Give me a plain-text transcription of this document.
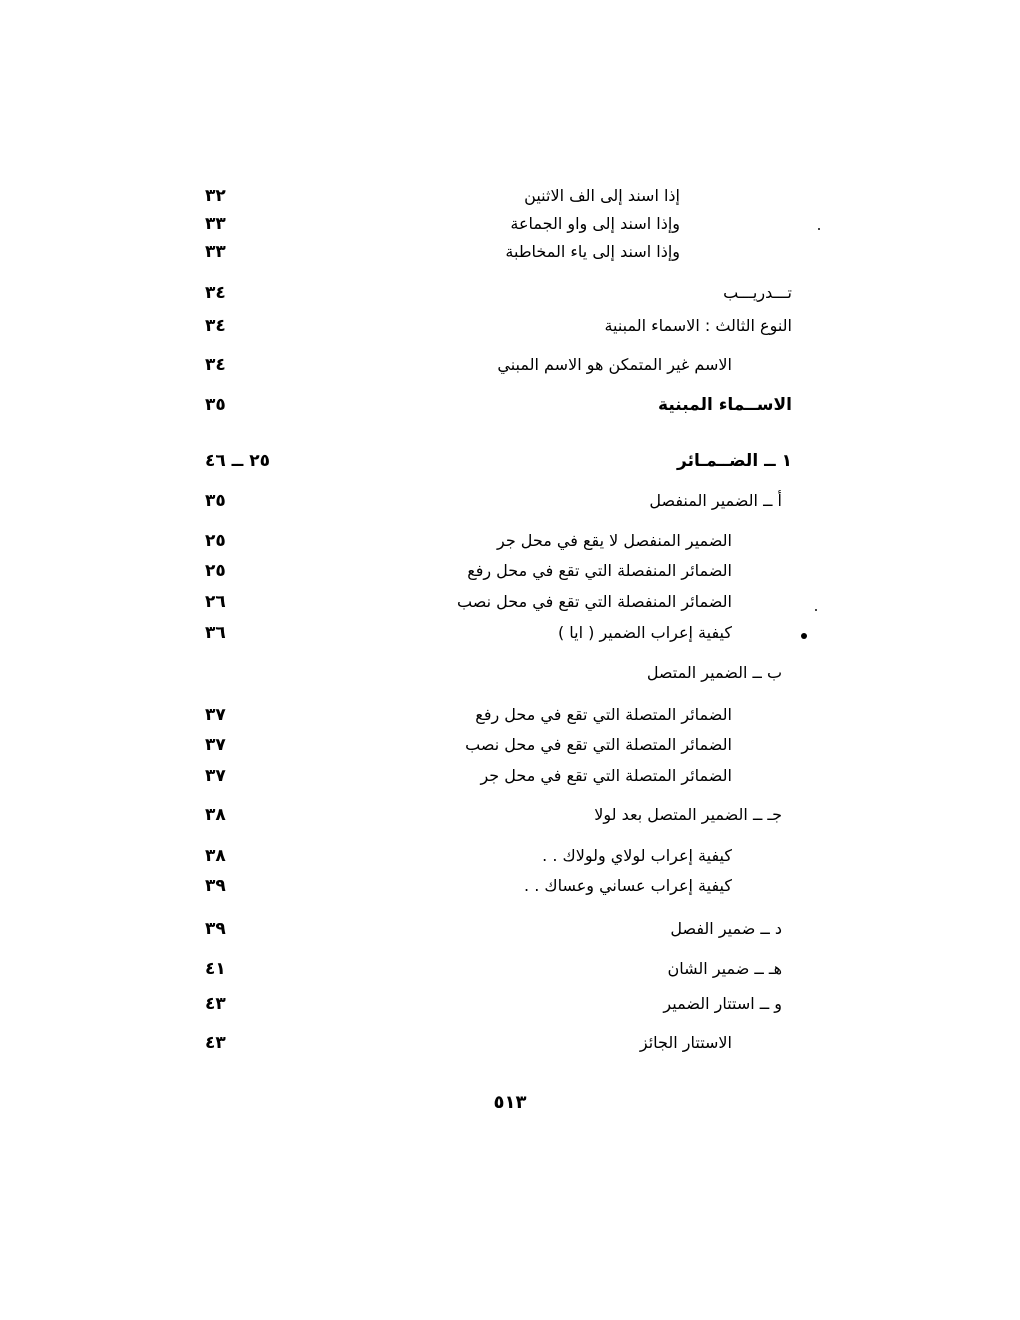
إذا اسند إلى الف الاثنين
٣٢
وإذا اسند إلى واو الجماعة
٣٣
وإذا اسند إلى ياء المخاطبة
٣٣
تـــدريـــب
٣٤
النوع الثالث : الاسماء المبنية
٣٤
الاسم غير المتمكن هو الاسم المبني
٣٤
الاســماء المبنية
٣٥
١ ــ الضــمـائر
٢٥ ــ ٤٦
أ ــ الضمير المنفصل
٣٥
الضمير المنفصل لا يقع في محل جر
٢٥
الضمائر المنفصلة التي تقع في محل رفع
٢٥
الضمائر المنفصلة التي تقع في محل نصب
٢٦
كيفية إعراب الضمير ( ايا )
٣٦
ب ــ الضمير المتصل
الضمائر المتصلة التي تقع في محل رفع
٣٧
الضمائر المتصلة التي تقع في محل نصب
٣٧
الضمائر المتصلة التي تقع في محل جر
٣٧
جـ ــ الضمير المتصل بعد لولا
٣٨
كيفية إعراب لولاي ولولاك . .
٣٨
كيفية إعراب عساني وعساك . .
٣٩
د ــ ضمير الفصل
٣٩
هـ ــ ضمير الشان
٤١
و ــ استتار الضمير
٤٣
الاستتار الجائز
٤٣
٥١٣
